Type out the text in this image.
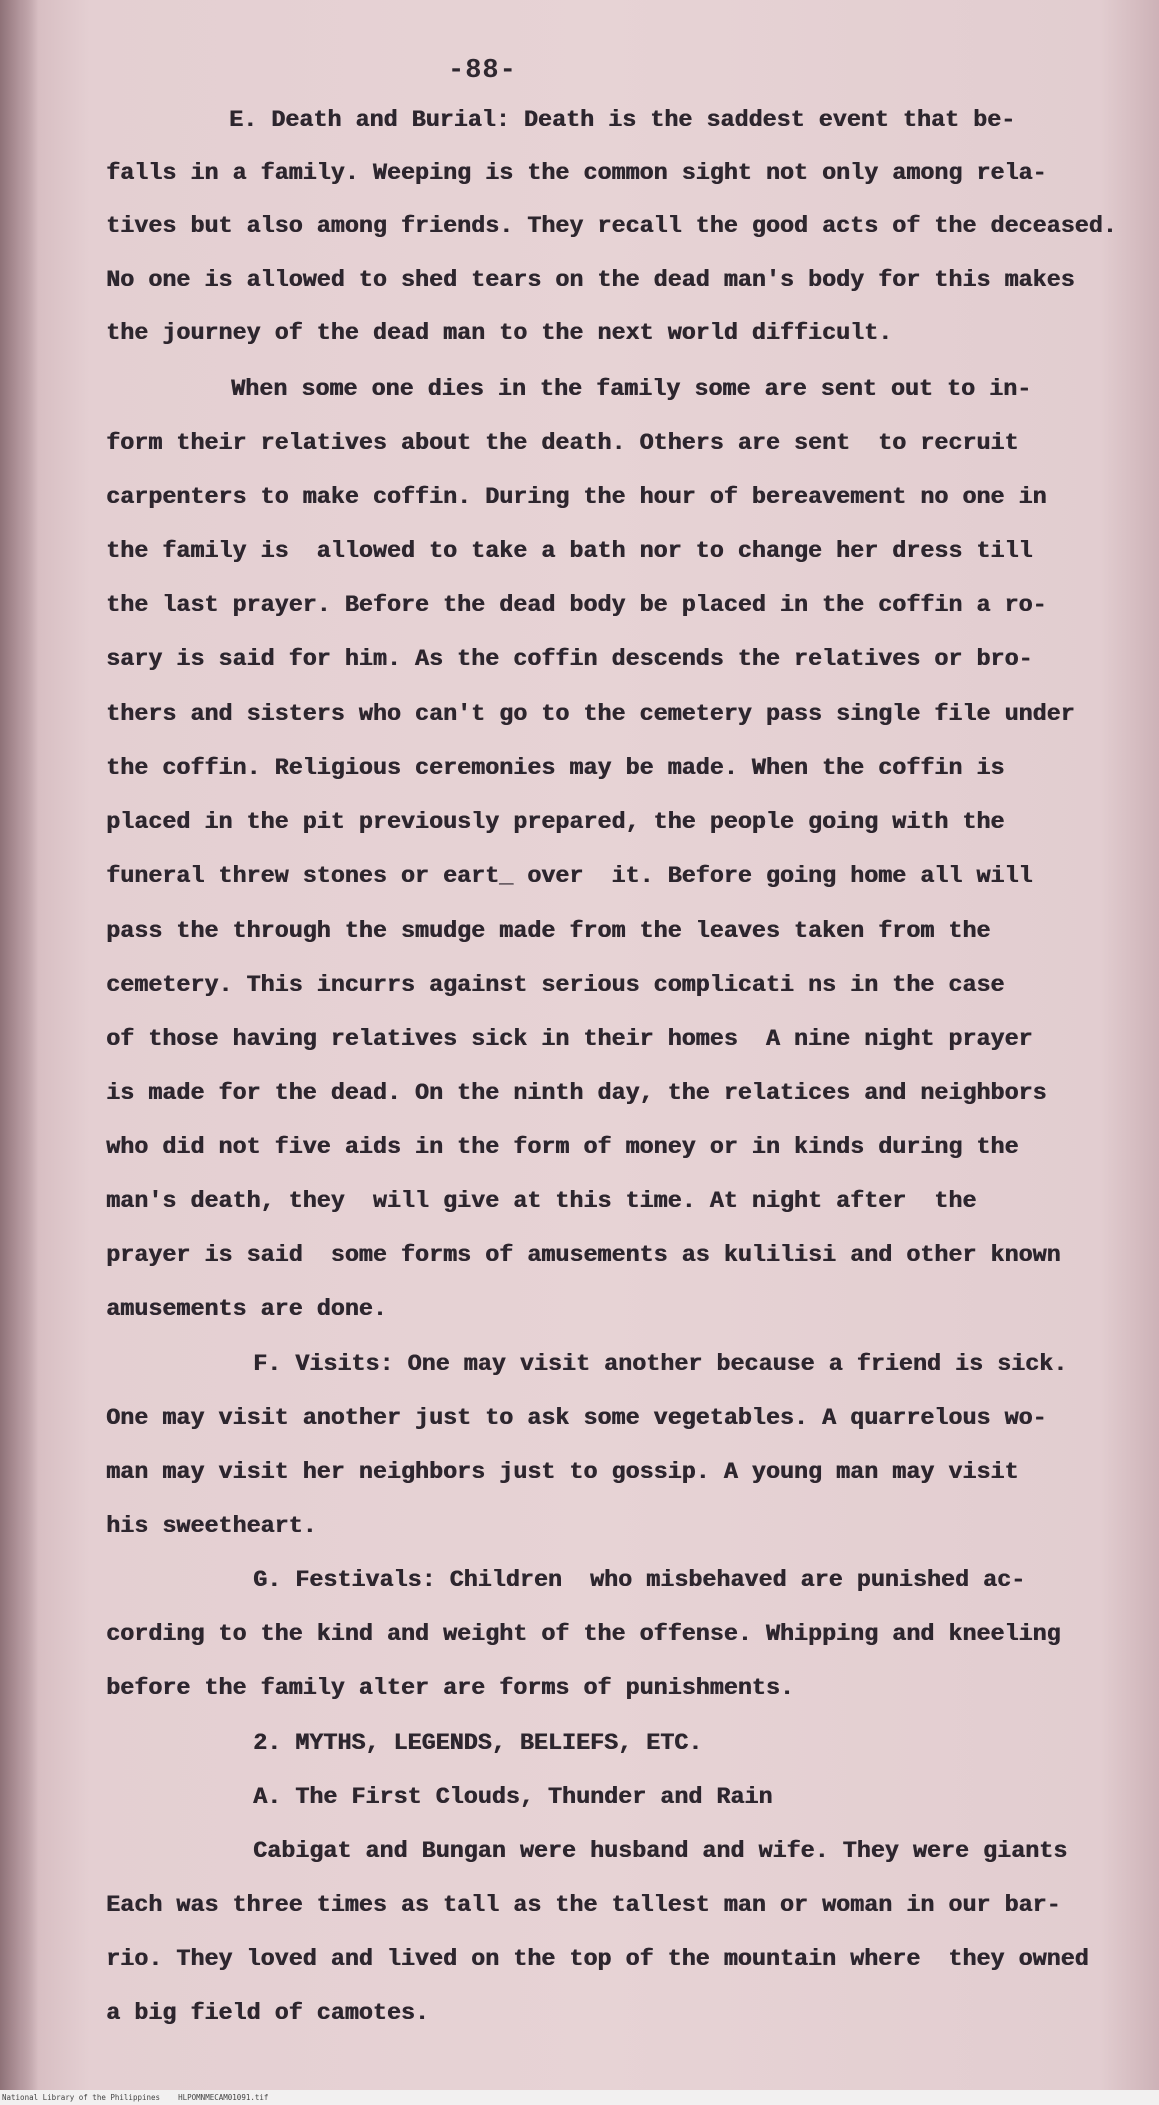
-88-
E. Death and Burial: Death is the saddest event that be-
falls in a family. Weeping is the common sight not only among rela-
tives but also among friends. They recall the good acts of the deceased.
No one is allowed to shed tears on the dead man's body for this makes
the journey of the dead man to the next world difficult.
When some one dies in the family some are sent out to in-
form their relatives about the death. Others are sent  to recruit
carpenters to make coffin. During the hour of bereavement no one in
the family is  allowed to take a bath nor to change her dress till
the last prayer. Before the dead body be placed in the coffin a ro-
sary is said for him. As the coffin descends the relatives or bro-
thers and sisters who can't go to the cemetery pass single file under
the coffin. Religious ceremonies may be made. When the coffin is
placed in the pit previously prepared, the people going with the
funeral threw stones or eart_ over  it. Before going home all will
pass the through the smudge made from the leaves taken from the
cemetery. This incurrs against serious complicati ns in the case
of those having relatives sick in their homes  A nine night prayer
is made for the dead. On the ninth day, the relatices and neighbors
who did not five aids in the form of money or in kinds during the
man's death, they  will give at this time. At night after  the
prayer is said  some forms of amusements as kulilisi and other known
amusements are done.
F. Visits: One may visit another because a friend is sick.
One may visit another just to ask some vegetables. A quarrelous wo-
man may visit her neighbors just to gossip. A young man may visit
his sweetheart.
G. Festivals: Children  who misbehaved are punished ac-
cording to the kind and weight of the offense. Whipping and kneeling
before the family alter are forms of punishments.
2. MYTHS, LEGENDS, BELIEFS, ETC.
A. The First Clouds, Thunder and Rain
Cabigat and Bungan were husband and wife. They were giants
Each was three times as tall as the tallest man or woman in our bar-
rio. They loved and lived on the top of the mountain where  they owned
a big field of camotes.
National Library of the Philippines    HLPOMNMECAM01091.tif
